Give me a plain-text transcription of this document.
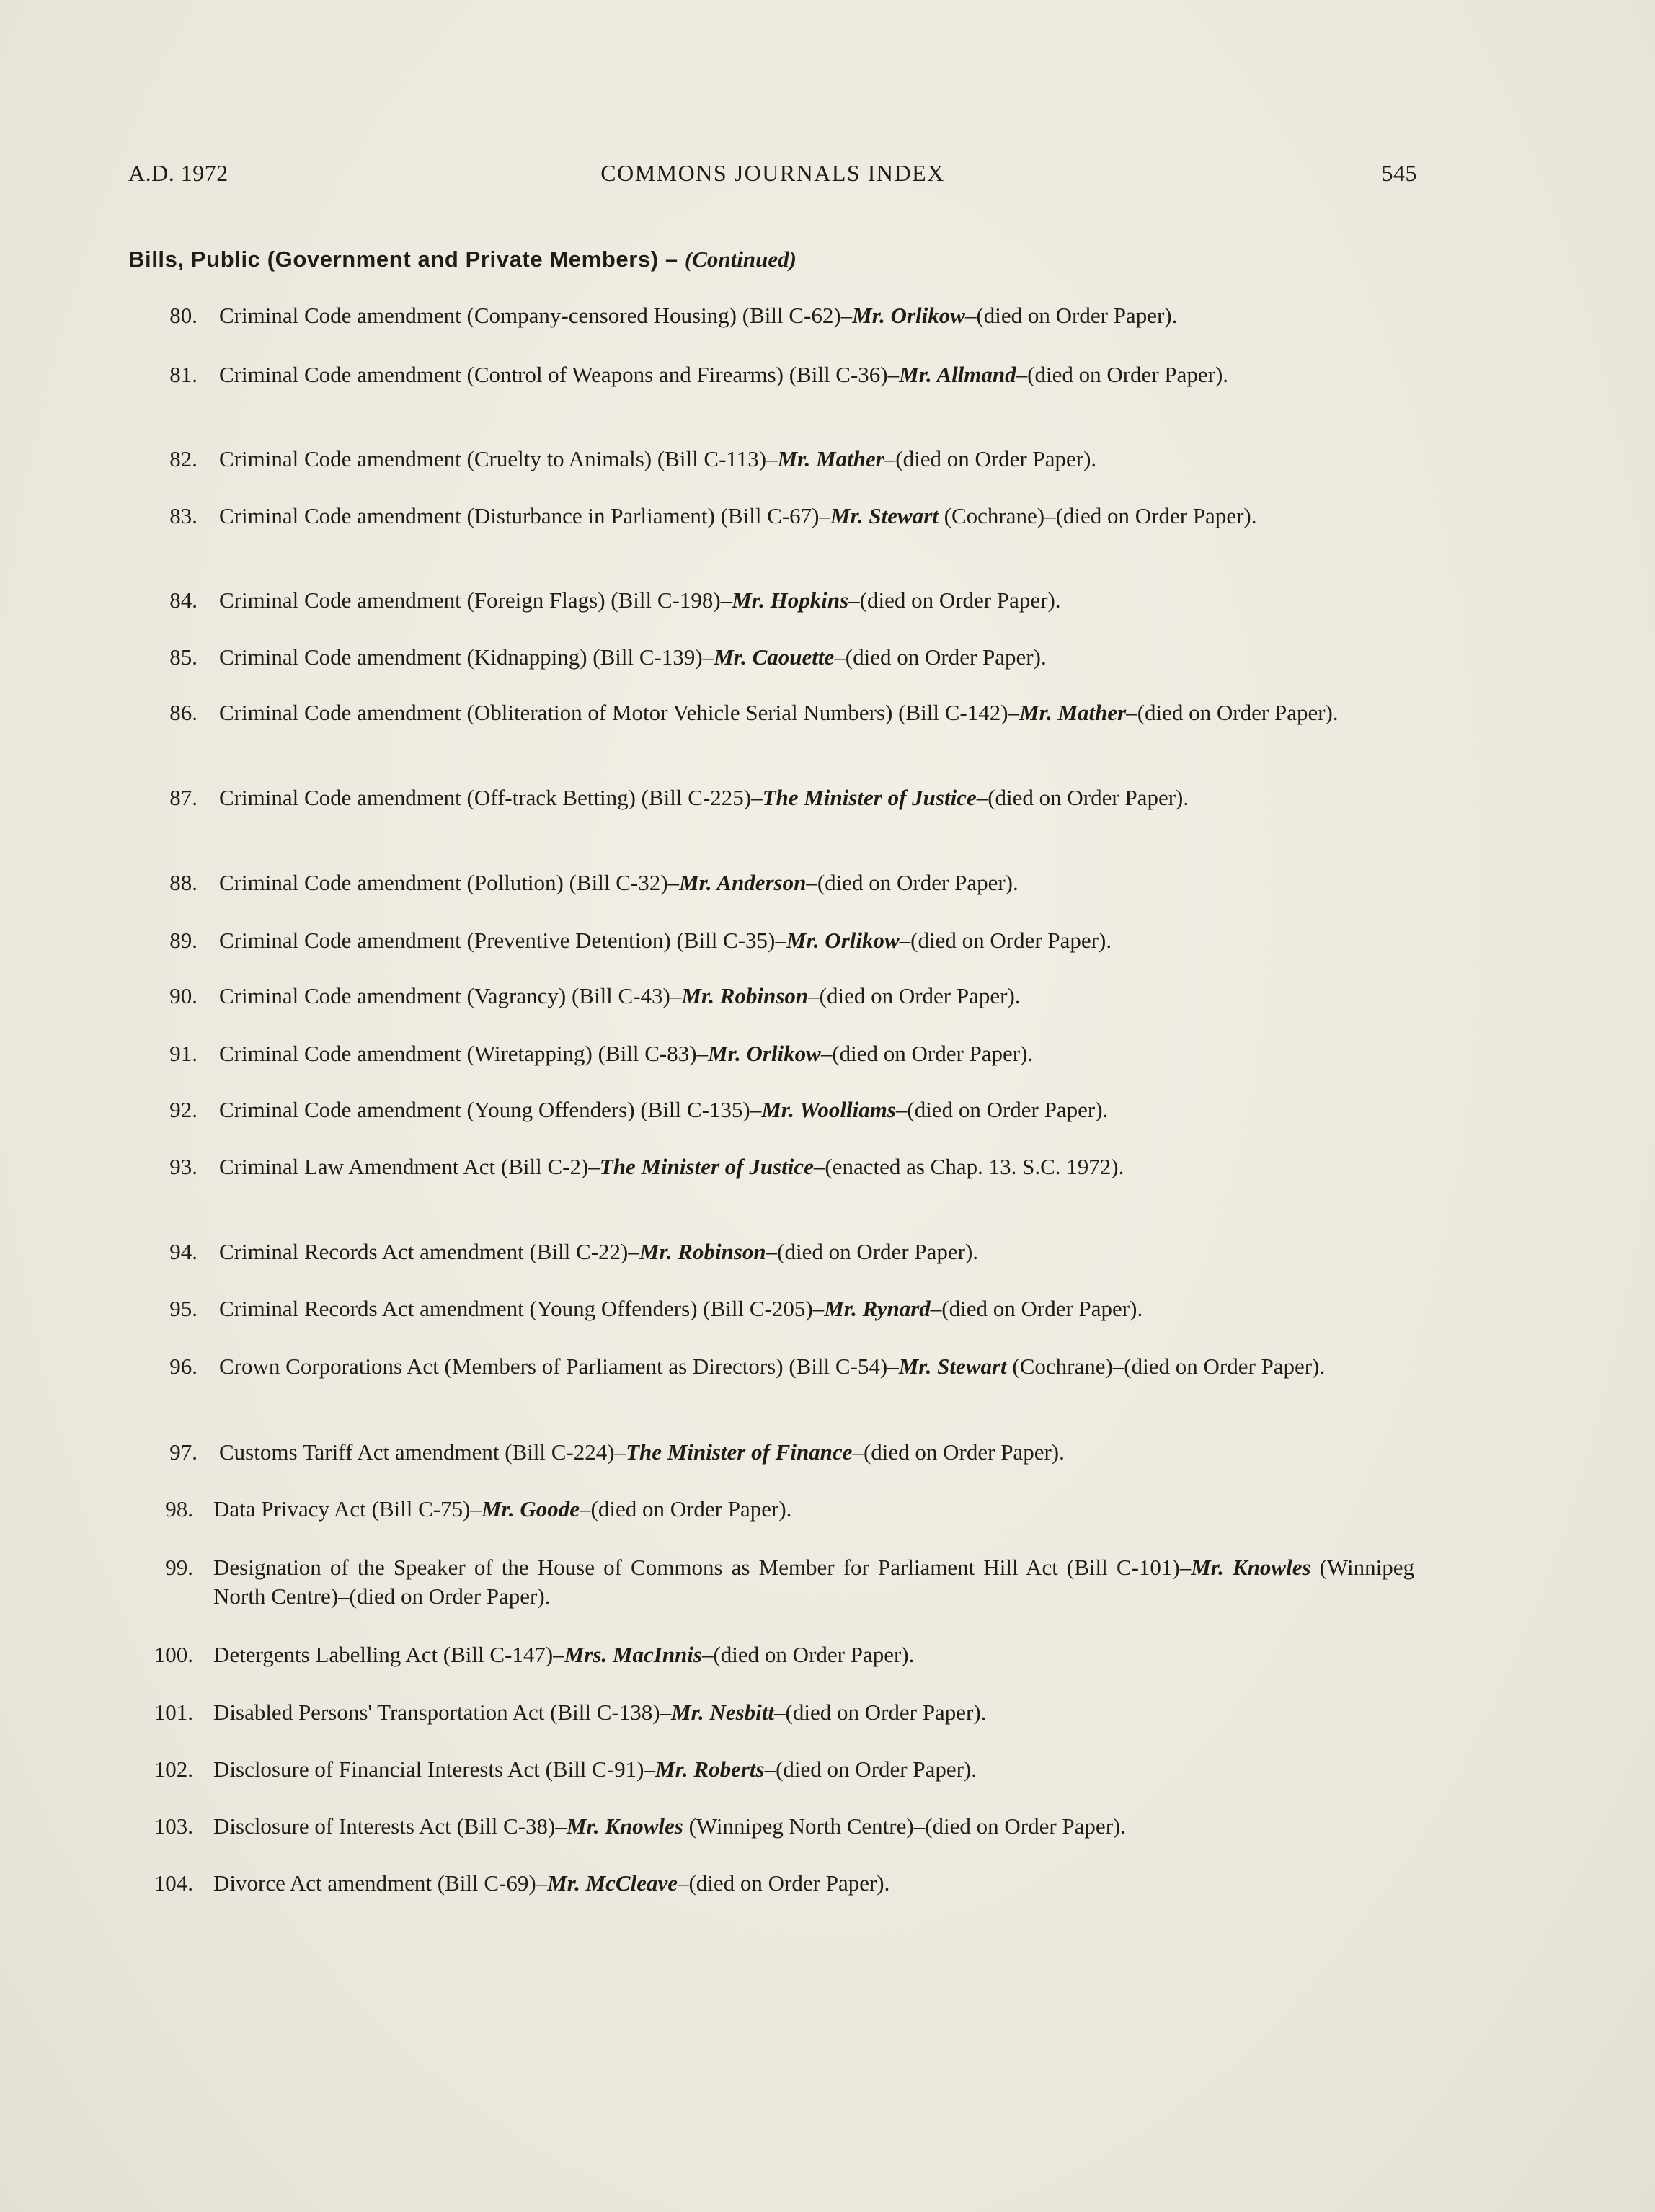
A.D. 1972	COMMONS JOURNALS INDEX	545
Bills, Public (Government and Private Members) – (Continued)
80. Criminal Code amendment (Company-censored Housing) (Bill C-62)–Mr. Orlikow–(died on Order Paper).
81. Criminal Code amendment (Control of Weapons and Firearms) (Bill C-36)–Mr. Allmand–(died on Order Paper).
82. Criminal Code amendment (Cruelty to Animals) (Bill C-113)–Mr. Mather–(died on Order Paper).
83. Criminal Code amendment (Disturbance in Parliament) (Bill C-67)–Mr. Stewart (Cochrane)–(died on Order Paper).
84. Criminal Code amendment (Foreign Flags) (Bill C-198)–Mr. Hopkins–(died on Order Paper).
85. Criminal Code amendment (Kidnapping) (Bill C-139)–Mr. Caouette–(died on Order Paper).
86. Criminal Code amendment (Obliteration of Motor Vehicle Serial Numbers) (Bill C-142)–Mr. Mather–(died on Order Paper).
87. Criminal Code amendment (Off-track Betting) (Bill C-225)–The Minister of Justice–(died on Order Paper).
88. Criminal Code amendment (Pollution) (Bill C-32)–Mr. Anderson–(died on Order Paper).
89. Criminal Code amendment (Preventive Detention) (Bill C-35)–Mr. Orlikow–(died on Order Paper).
90. Criminal Code amendment (Vagrancy) (Bill C-43)–Mr. Robinson–(died on Order Paper).
91. Criminal Code amendment (Wiretapping) (Bill C-83)–Mr. Orlikow–(died on Order Paper).
92. Criminal Code amendment (Young Offenders) (Bill C-135)–Mr. Woolliams–(died on Order Paper).
93. Criminal Law Amendment Act (Bill C-2)–The Minister of Justice–(enacted as Chap. 13. S.C. 1972).
94. Criminal Records Act amendment (Bill C-22)–Mr. Robinson–(died on Order Paper).
95. Criminal Records Act amendment (Young Offenders) (Bill C-205)–Mr. Rynard–(died on Order Paper).
96. Crown Corporations Act (Members of Parliament as Directors) (Bill C-54)–Mr. Stewart (Cochrane)–(died on Order Paper).
97. Customs Tariff Act amendment (Bill C-224)–The Minister of Finance–(died on Order Paper).
98. Data Privacy Act (Bill C-75)–Mr. Goode–(died on Order Paper).
99. Designation of the Speaker of the House of Commons as Member for Parliament Hill Act (Bill C-101)–Mr. Knowles (Winnipeg North Centre)–(died on Order Paper).
100. Detergents Labelling Act (Bill C-147)–Mrs. MacInnis–(died on Order Paper).
101. Disabled Persons' Transportation Act (Bill C-138)–Mr. Nesbitt–(died on Order Paper).
102. Disclosure of Financial Interests Act (Bill C-91)–Mr. Roberts–(died on Order Paper).
103. Disclosure of Interests Act (Bill C-38)–Mr. Knowles (Winnipeg North Centre)–(died on Order Paper).
104. Divorce Act amendment (Bill C-69)–Mr. McCleave–(died on Order Paper).
